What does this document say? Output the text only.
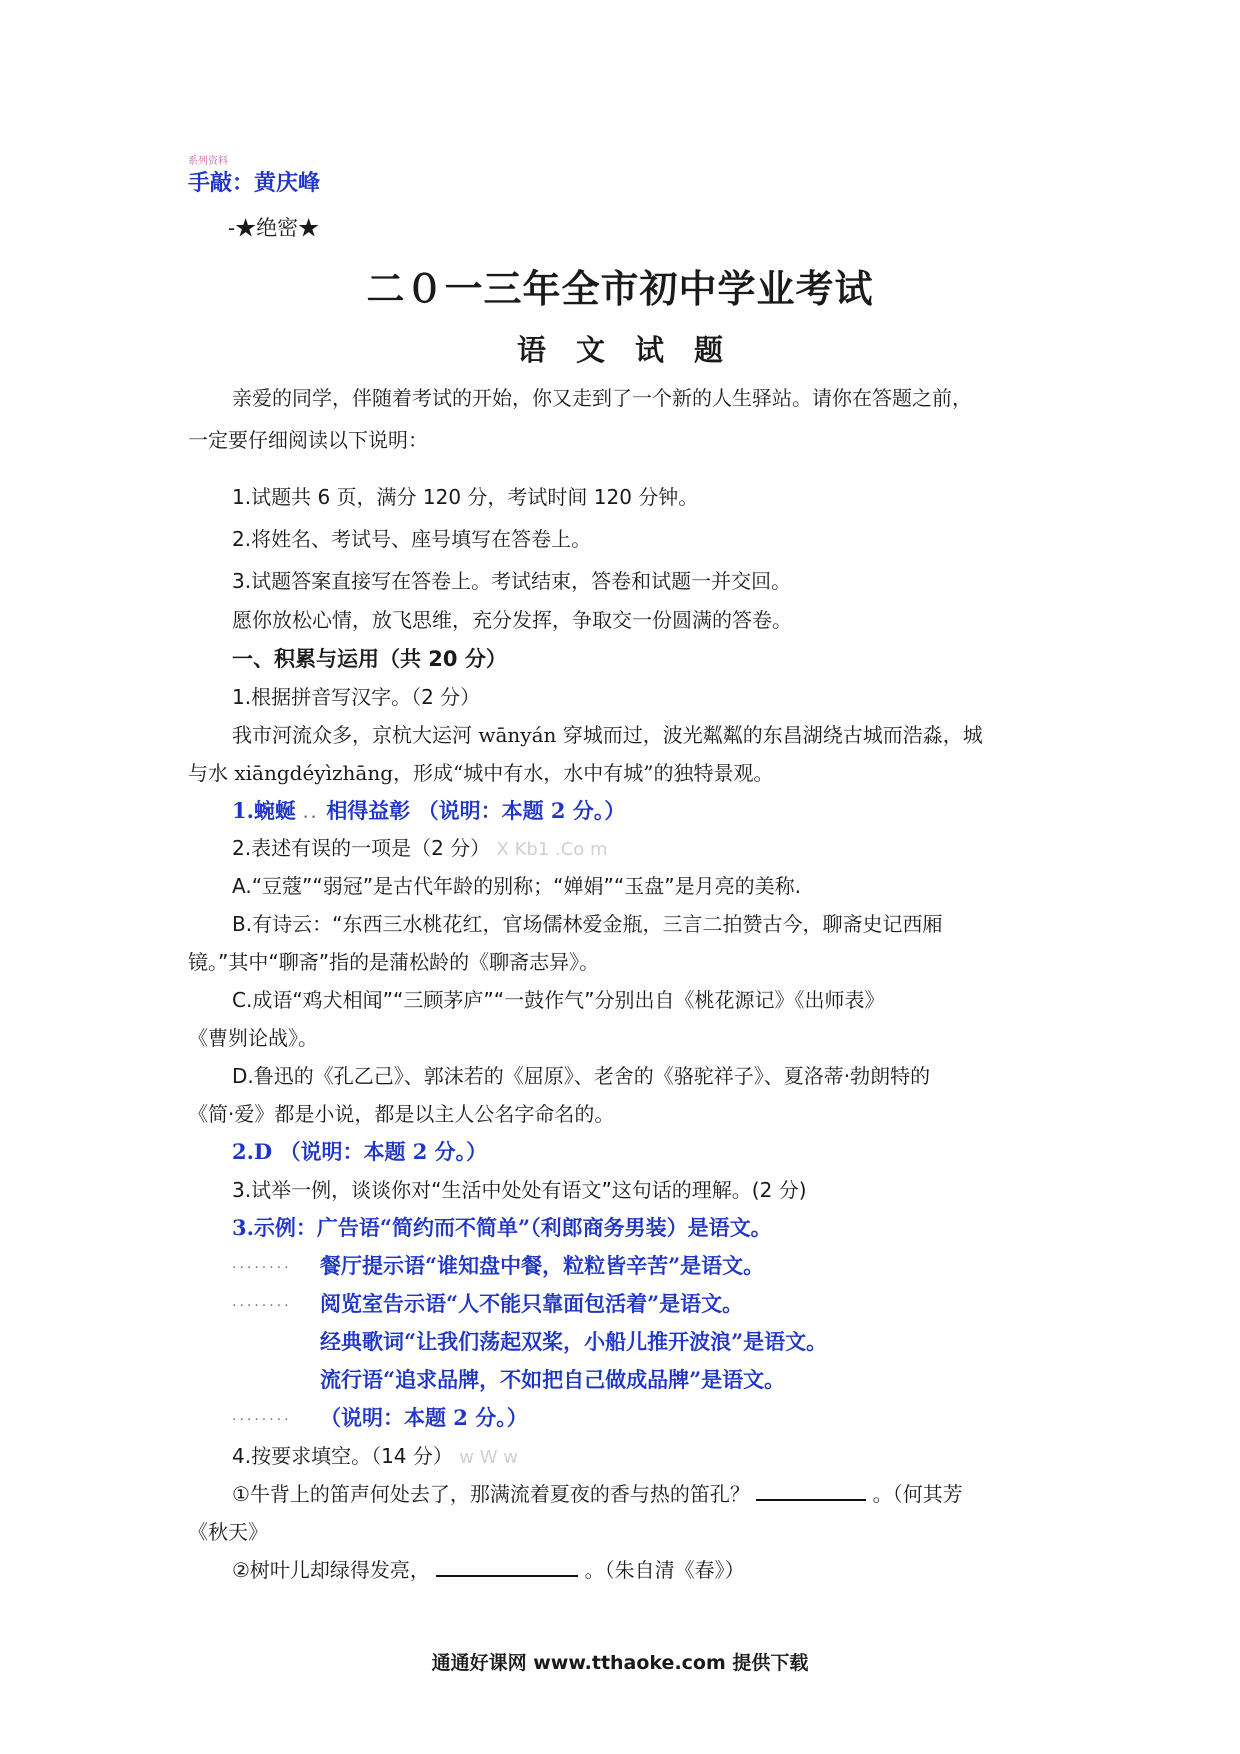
系列资料
手敲：黄庆峰
-★绝密★
二０一三年全市初中学业考试
语文试题
亲爱的同学，伴随着考试的开始，你又走到了一个新的人生驿站。请你在答题之前，
一定要仔细阅读以下说明：
1.试题共 6 页，满分 120 分，考试时间 120 分钟。
2.将姓名、考试号、座号填写在答卷上。
3.试题答案直接写在答卷上。考试结束，答卷和试题一并交回。
愿你放松心情，放飞思维，充分发挥，争取交一份圆满的答卷。
一、积累与运用（共 20 分）
1.根据拼音写汉字。（2 分）
我市河流众多，京杭大运河 wānyán 穿城而过，波光粼粼的东昌湖绕古城而浩淼，城
与水 xiāngdéyìzhāng，形成“城中有水，水中有城”的独特景观。
1.蜿蜒 .. 相得益彰 （说明：本题 2 分。）
2.表述有误的一项是（2 分） X Kb1 .Co m
A.“豆蔻”“弱冠”是古代年龄的别称；“婵娟”“玉盘”是月亮的美称.
B.有诗云：“东西三水桃花红，官场儒林爱金瓶，三言二拍赞古今，聊斋史记西厢
镜。”其中“聊斋”指的是蒲松龄的《聊斋志异》。
C.成语“鸡犬相闻”“三顾茅庐”“一鼓作气”分别出自《桃花源记》《出师表》
《曹刿论战》。
D.鲁迅的《孔乙己》、郭沫若的《屈原》、老舍的《骆驼祥子》、夏洛蒂·勃朗特的
《简·爱》都是小说，都是以主人公名字命名的。
2.D （说明：本题 2 分。）
3.试举一例，谈谈你对“生活中处处有语文”这句话的理解。(2 分)
3.示例：广告语“简约而不简单”（利郎商务男装）是语文。
........ 餐厅提示语“谁知盘中餐，粒粒皆辛苦”是语文。
........ 阅览室告示语“人不能只靠面包活着”是语文。
经典歌词“让我们荡起双桨，小船儿推开波浪”是语文。
流行语“追求品牌，不如把自己做成品牌”是语文。
........ （说明：本题 2 分。）
4.按要求填空。（14 分） w W w
①牛背上的笛声何处去了，那满流着夏夜的香与热的笛孔？	。（何其芳
《秋天》
②树叶儿却绿得发亮，	。（朱自清《春》）
通通好课网 www.tthaoke.com 提供下载
